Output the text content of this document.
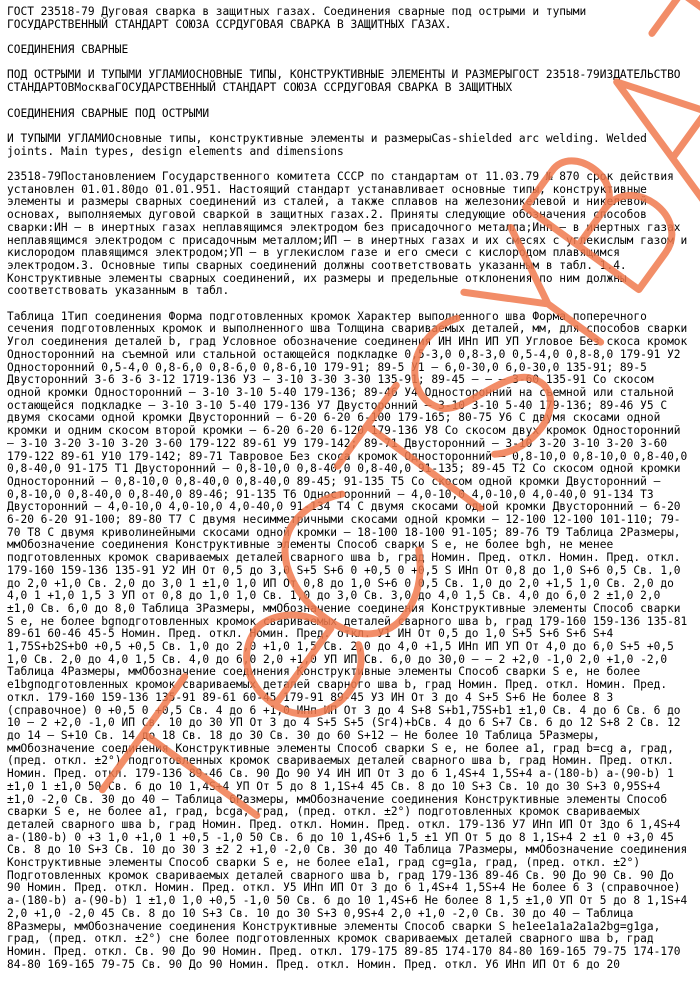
ГОСТ 23518-79 Дуговая сварка в защитных газах. Соединения сварные под острыми и тупыми ГОСУДАРСТВЕННЫЙ СТАНДАРТ СОЮЗА ССРДУГОВАЯ СВАРКА В ЗАЩИТНЫХ ГАЗАХ.

СОЕДИНЕНИЯ СВАРНЫЕ

ПОД ОСТРЫМИ И ТУПЫМИ УГЛАМИОСНОВНЫЕ ТИПЫ, КОНСТРУКТИВНЫЕ ЭЛЕМЕНТЫ И РАЗМЕРЫГОСТ 23518-79ИЗДАТЕЛЬСТВО СТАНДАРТОВМоскваГОСУДАРСТВЕННЫЙ СТАНДАРТ СОЮЗА ССРДУГОВАЯ СВАРКА В ЗАЩИТНЫХ

СОЕДИНЕНИЯ СВАРНЫЕ ПОД ОСТРЫМИ

И ТУПЫМИ УГЛАМИОсновные типы, конструктивные элементы и размерыCas-shielded arc welding. Welded joints. Main types, design elements and dimensions

23518-79Постановлением Государственного комитета СССР по стандартам от 11.03.79 № 870 срок действия установлен 01.01.80до 01.01.951. Настоящий стандарт устанавливает основные типы, конструктивные элементы и размеры сварных соединений из сталей, а также сплавов на железоникелевой и никелевой основах, выполняемых дуговой сваркой в защитных газах.2. Приняты следующие обозначения способов сварки:ИН — в инертных газах неплавящимся электродом без присадочного металла;Инп — в инертных газах неплавящимся электродом с присадочным металлом;ИП — в инертных газах и их смесях с углекислым газом и кислородом плавящимся электродом;УП — в углекислом газе и его смеси с кислородом плавящимся электродом.3. Основные типы сварных соединений должны соответствовать указанным в табл. 1.4. Конструктивные элементы сварных соединений, их размеры и предельные отклонения по ним должны соответствовать указанным в табл.

Таблица 1Тип соединения Форма подготовленных кромок Характер выполненного шва Форма поперечного сечения подготовленных кромок и выполненного шва Толщина свариваемых деталей, мм, для способов сварки Угол соединения деталей b, град Условное обозначение соединения ИН ИНп ИП УП Угловое Без скоса кромок Односторонний на съемной или стальной остающейся подкладке 0,5-3,0 0,8-3,0 0,5-4,0 0,8-8,0 179-91 У2 Односторонний 0,5-4,0 0,8-6,0 0,8-6,0 0,8-6,10 179-91; 89-5 У1 — 6,0-30,0 6,0-30,0 135-91; 89-5 Двусторонний 3-6 3-6 3-12 1719-136 У3 — 3-10 3-30 3-30 135-91; 89-45 — — — 3-60 135-91 Со скосом одной кромки Односторонний — 3-10 3-10 5-40 179-136; 89-46 У4 Односторонний на съемной или стальной остающейся подкладке — 3-10 3-10 5-40 179-136 У7 Двусторонний — 3-10 3-10 5-40 179-136; 89-46 У5 С двумя скосами одной кромки Двусторонний — 6-20 6-20 6-100 179-165; 80-75 У6 С двумя скосами одной кромки и одним скосом второй кромки — 6-20 6-20 6-120 179-136 У8 Со скосом двух кромок Односторонний — 3-10 3-20 3-10 3-20 3-60 179-122 89-61 У9 179-142; 89-71 Двусторонний — 3-10 3-20 3-10 3-20 3-60 179-122 89-61 У10 179-142; 89-71 Тавровое Без скоса кромок Односторонний — 0,8-10,0 0,8-10,0 0,8-40,0 0,8-40,0 91-175 Т1 Двусторонний — 0,8-10,0 0,8-40,0 0,8-40,0 91-135; 89-45 Т2 Со скосом одной кромки Односторонний — 0,8-10,0 0,8-40,0 0,8-40,0 89-45; 91-135 Т5 Со скосом одной кромки Двусторонний — 0,8-10,0 0,8-40,0 0,8-40,0 89-46; 91-135 Т6 Односторонний — 4,0-10,0 4,0-10,0 4,0-40,0 91-134 Т3 Двусторонний — 4,0-10,0 4,0-10,0 4,0-40,0 91-134 Т4 С двумя скосами одной кромки Двусторонний — 6-20 6-20 6-20 91-100; 89-80 Т7 С двумя несимметричными скосами одной кромки — 12-100 12-100 101-110; 79-70 Т8 С двумя криволинейными скосами одной кромки — 18-100 18-100 91-105; 89-76 Т9 Таблица 2Размеры, ммОбозначение соединения Конструктивные элементы Способ сварки S e, не более bgh, не менее подготовленных кромок свариваемых деталей сварного шва b, град Номин. Пред. откл. Номин. Пред. откл. 179-160 159-136 135-91 У2 ИН От 0,5 до 3,0 S+5 S+6 0 +0,5 0 +0,5 S ИНп От 0,8 до 1,0 S+6 0,5 Св. 1,0 до 2,0 +1,0 Св. 2,0 до 3,0 1 ±1,0 1,0 ИП От 0,8 до 1,0 S+6 0 0,5 Св. 1,0 до 2,0 +1,5 1,0 Св. 2,0 до 4,0 1 +1,0 1,5 3 УП от 0,8 до 1,0 1,0 Св. 1,0 до 3,0 Св. 3,0 до 4,0 1,5 Св. 4,0 до 6,0 2 ±1,0 2,0 ±1,0 Св. 6,0 до 8,0 Таблица 3Размеры, ммОбозначение соединения Конструктивные элементы Способ сварки S e, не более bgподготовленных кромок свариваемых деталей сварного шва b, град 179-160 159-136 135-81 89-61 60-46 45-5 Номин. Пред. откл. Номин. Пред. откл. У1 ИН От 0,5 до 1,0 S+5 S+6 S+6 S+4 1,75S+b2S+b0 +0,5 +0,5 Св. 1,0 до 2,0 +1,0 1,5 Св. 2,0 до 4,0 +1,5 ИНп ИП УП От 4,0 до 6,0 S+5 +0,5 1,0 Св. 2,0 до 4,0 1,5 Св. 4,0 до 6,0 2,0 +1,0 УП ИП Св. 6,0 до 30,0 — — 2 +2,0 -1,0 2,0 +1,0 -2,0 Таблица 4Размеры, ммОбозначение соединения Конструктивные элементы Способ сварки S e, не более e1bgподготовленных кромок свариваемых деталей сварного шва b, град Номин. Пред. откл. Номин. Пред. откл. 179-160 159-136 135-91 89-61 60-45 179-91 89-45 У3 ИН От 3 до 4 S+5 S+6 Не более 8 3 (справочное) 0 +0,5 0 +0,5 Св. 4 до 6 +1,0 ИНп ИП От 3 до 4 S+8 S+b1,75S+b1 ±1,0 Св. 4 до 6 Св. 6 до 10 — 2 +2,0 -1,0 ИП Св. 10 до 30 УП От 3 до 4 S+5 S+5 (Sг4)+bCв. 4 до 6 S+7 Св. 6 до 12 S+8 2 Св. 12 до 14 — S+10 Св. 14 до 18 Св. 18 до 30 Св. 30 до 60 S+12 — Не более 10 Таблица 5Размеры, ммОбозначение соединения Конструктивные элементы Способ сварки S e, не более a1, град b=cg a, град, (пред. откл. ±2°) подготовленных кромок свариваемых деталей сварного шва b, град Номин. Пред. откл. Номин. Пред. откл. 179-136 89-46 Св. 90 До 90 У4 ИН ИП От 3 до 6 1,4S+4 1,5S+4 a-(180-b) a-(90-b) 1 ±1,0 1 ±1,0 50 Св. 6 до 10 1,4S+4 УП От 5 до 8 1,1S+4 45 Св. 8 до 10 S+3 Св. 10 до 30 S+3 0,95S+4 ±1,0 -2,0 Св. 30 до 40 — Таблица 6Размеры, ммОбозначение соединения Конструктивные элементы Способ сварки S e, не более a1, град, bcga, град, (пред. откл. ±2°) подготовленных кромок свариваемых деталей сварного шва b, град Номин. Пред. откл. Номин. Пред. откл. 179-136 У7 ИНп ИП От 3до 6 1,4S+4 a-(180-b) 0 +3 1,0 +1,0 1 +0,5 -1,0 50 Св. 6 до 10 1,4S+6 1,5 ±1 УП От 5 до 8 1,1S+4 2 ±1 0 +3,0 45 Св. 8 до 10 S+3 Св. 10 до 30 3 ±2 2 +1,0 -2,0 Св. 30 до 40 Таблица 7Размеры, ммОбозначение соединения Конструктивные элементы Способ сварки S e, не более e1a1, град cg=g1a, град, (пред. откл. ±2°) Подготовленных кромок свариваемых деталей сварного шва b, град 179-136 89-46 Св. 90 До 90 Св. 90 До 90 Номин. Пред. откл. Номин. Пред. откл. У5 ИНп ИП От 3 до 6 1,4S+4 1,5S+4 Не более 6 3 (справочное) a-(180-b) a-(90-b) 1 ±1,0 1,0 +0,5 -1,0 50 Св. 6 до 10 1,4S+6 Не более 8 1,5 ±1,0 УП От 5 до 8 1,1S+4 2,0 +1,0 -2,0 45 Св. 8 до 10 S+3 Св. 10 до 30 S+3 0,9S+4 2,0 +1,0 -2,0 Св. 30 до 40 — Таблица 8Размеры, ммОбозначение соединения Конструктивные элементы Способ сварки S he1ee1a1a2a1a2bg=g1ga, град, (пред. откл. ±2°) сне более подготовленных кромок свариваемых деталей сварного шва b, град Номин. Пред. откл. Св. 90 До 90 Номин. Пред. откл. 179-175 89-85 174-170 84-80 169-165 79-75 174-170 84-80 169-165 79-75 Св. 90 До 90 Номин. Пред. откл. Номин. Пред. откл. У6 ИНп ИП От 6 до 20
